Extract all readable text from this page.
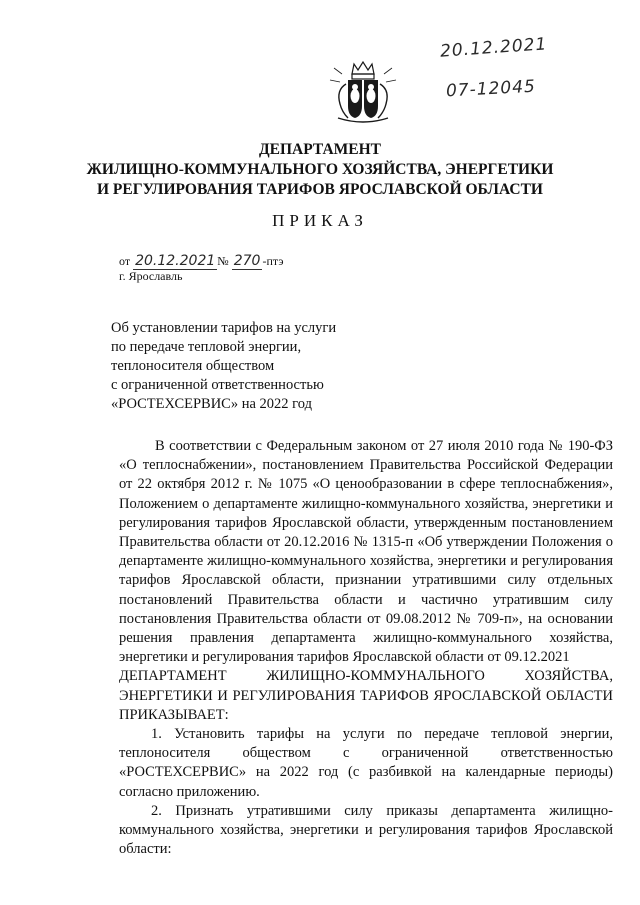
20.12.2021
07-12045
ДЕПАРТАМЕНТ
ЖИЛИЩНО-КОММУНАЛЬНОГО ХОЗЯЙСТВА, ЭНЕРГЕТИКИ
И РЕГУЛИРОВАНИЯ ТАРИФОВ ЯРОСЛАВСКОЙ ОБЛАСТИ
ПРИКАЗ
от 20.12.2021 № 270 -птэ
г. Ярославль
Об установлении тарифов на услуги
по передаче тепловой энергии,
теплоносителя обществом
с ограниченной ответственностью
«РОСТЕХСЕРВИС» на 2022 год

В соответствии с Федеральным законом от 27 июля 2010 года № 190-ФЗ «О теплоснабжении», постановлением Правительства Российской Федерации от 22 октября 2012 г. № 1075 «О ценообразовании в сфере теплоснабжения», Положением о департаменте жилищно-коммунального хозяйства, энергетики и регулирования тарифов Ярославской области, утвержденным постановлением Правительства области от 20.12.2016 № 1315-п «Об утверждении Положения о департаменте жилищно-коммунального хозяйства, энергетики и регулирования тарифов Ярославской области, признании утратившими силу отдельных постановлений Правительства области и частично утратившим силу постановления Правительства области от 09.08.2012 № 709-п», на основании решения правления департамента жилищно-коммунального хозяйства, энергетики и регулирования тарифов Ярославской области от 09.12.2021

ДЕПАРТАМЕНТ ЖИЛИЩНО-КОММУНАЛЬНОГО ХОЗЯЙСТВА, ЭНЕРГЕТИКИ И РЕГУЛИРОВАНИЯ ТАРИФОВ ЯРОСЛАВСКОЙ ОБЛАСТИ ПРИКАЗЫВАЕТ:

1. Установить тарифы на услуги по передаче тепловой энергии, теплоносителя обществом с ограниченной ответственностью «РОСТЕХСЕРВИС» на 2022 год (с разбивкой на календарные периоды) согласно приложению.

2. Признать утратившими силу приказы департамента жилищно-коммунального хозяйства, энергетики и регулирования тарифов Ярославской области:
